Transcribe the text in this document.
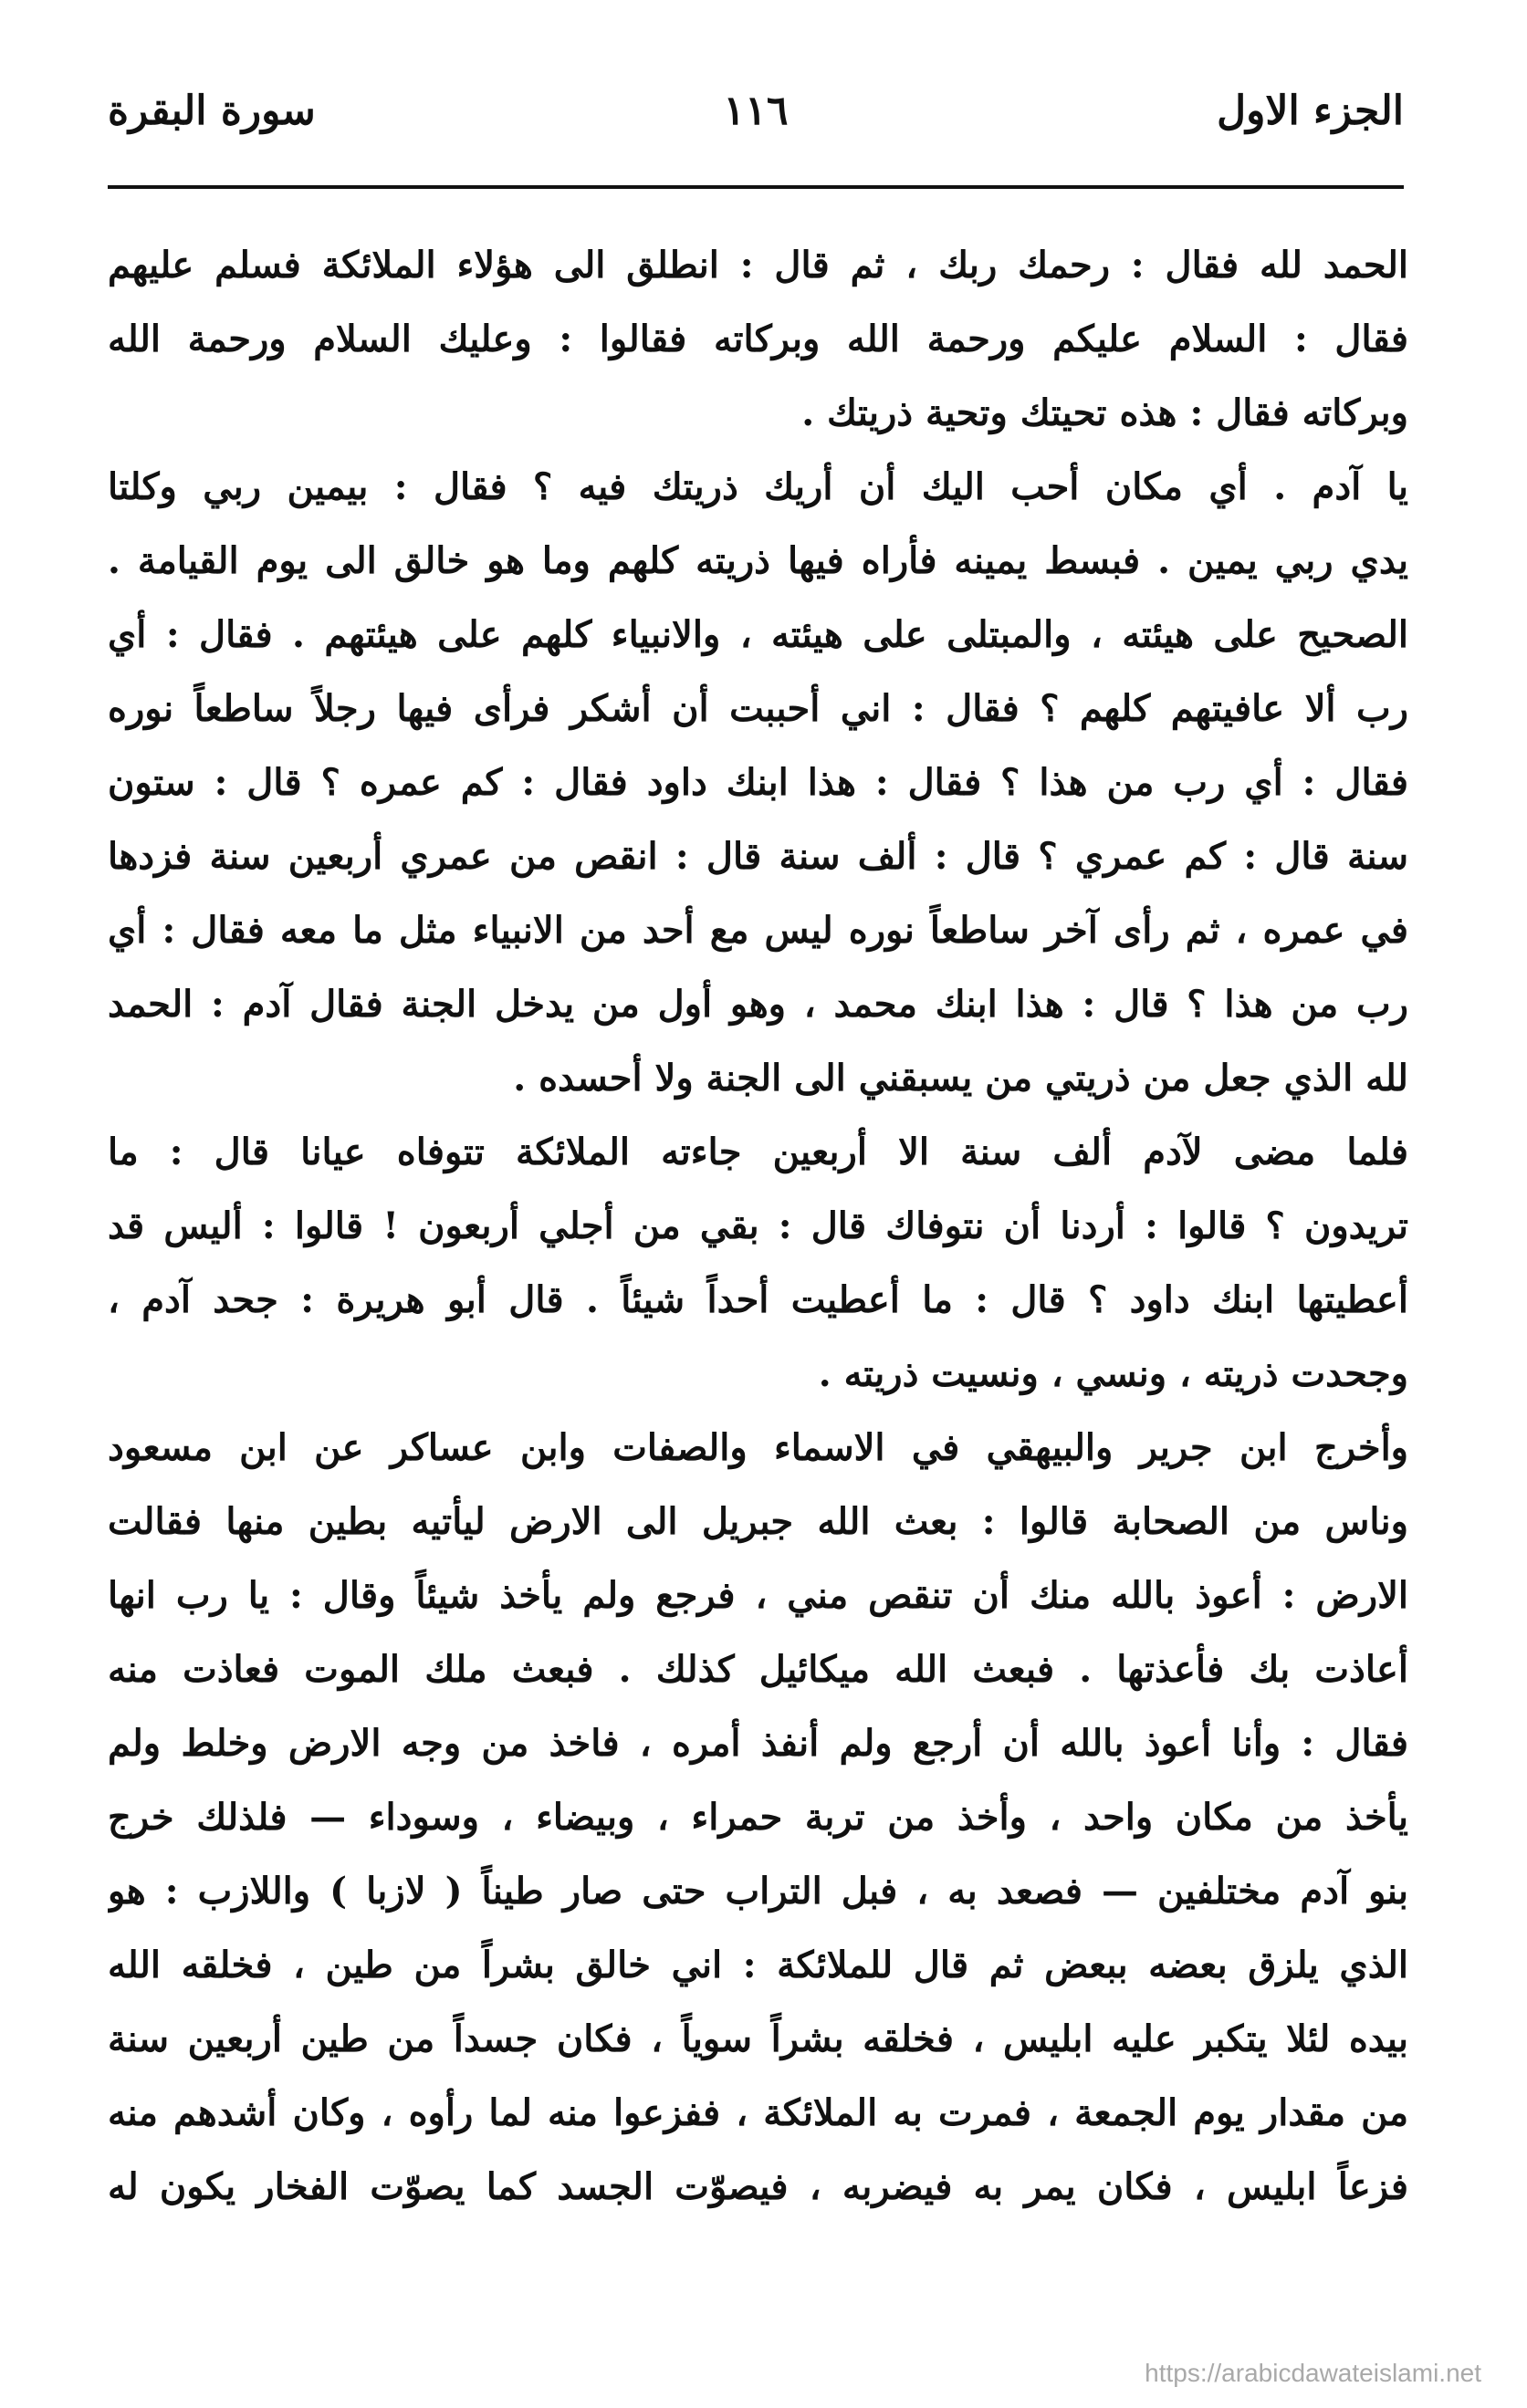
الجزء الاول
١١٦
سورة البقرة
الحمد لله فقال : رحمك ربك ، ثم قال : انطلق الى هؤلاء الملائكة فسلم عليهم
فقال : السلام عليكم ورحمة الله وبركاته فقالوا : وعليك السلام ورحمة الله
وبركاته فقال : هذه تحيتك وتحية ذريتك .
يا آدم . أي مكان أحب اليك أن أريك ذريتك فيه ؟ فقال : بيمين ربي وكلتا
يدي ربي يمين . فبسط يمينه فأراه فيها ذريته كلهم وما هو خالق الى يوم القيامة .
الصحيح على هيئته ، والمبتلى على هيئته ، والانبياء كلهم على هيئتهم . فقال : أي
رب ألا عافيتهم كلهم ؟ فقال : اني أحببت أن أشكر فرأى فيها رجلاً ساطعاً نوره
فقال : أي رب من هذا ؟ فقال : هذا ابنك داود فقال : كم عمره ؟ قال : ستون
سنة قال : كم عمري ؟ قال : ألف سنة قال : انقص من عمري أربعين سنة فزدها
في عمره ، ثم رأى آخر ساطعاً نوره ليس مع أحد من الانبياء مثل ما معه فقال : أي
رب من هذا ؟ قال : هذا ابنك محمد ، وهو أول من يدخل الجنة فقال آدم : الحمد
لله الذي جعل من ذريتي من يسبقني الى الجنة ولا أحسده .
فلما مضى لآدم ألف سنة الا أربعين جاءته الملائكة تتوفاه عيانا قال : ما
تريدون ؟ قالوا : أردنا أن نتوفاك قال : بقي من أجلي أربعون ! قالوا : أليس قد
أعطيتها ابنك داود ؟ قال : ما أعطيت أحداً شيئاً . قال أبو هريرة : جحد آدم ،
وجحدت ذريته ، ونسي ، ونسيت ذريته .
وأخرج ابن جرير والبيهقي في الاسماء والصفات وابن عساكر عن ابن مسعود
وناس من الصحابة قالوا : بعث الله جبريل الى الارض ليأتيه بطين منها فقالت
الارض : أعوذ بالله منك أن تنقص مني ، فرجع ولم يأخذ شيئاً وقال : يا رب انها
أعاذت بك فأعذتها . فبعث الله ميكائيل كذلك . فبعث ملك الموت فعاذت منه
فقال : وأنا أعوذ بالله أن أرجع ولم أنفذ أمره ، فاخذ من وجه الارض وخلط ولم
يأخذ من مكان واحد ، وأخذ من تربة حمراء ، وبيضاء ، وسوداء — فلذلك خرج
بنو آدم مختلفين — فصعد به ، فبل التراب حتى صار طيناً ( لازبا ) واللازب : هو
الذي يلزق بعضه ببعض ثم قال للملائكة : اني خالق بشراً من طين ، فخلقه الله
بيده لئلا يتكبر عليه ابليس ، فخلقه بشراً سوياً ، فكان جسداً من طين أربعين سنة
من مقدار يوم الجمعة ، فمرت به الملائكة ، ففزعوا منه لما رأوه ، وكان أشدهم منه
فزعاً ابليس ، فكان يمر به فيضربه ، فيصوّت الجسد كما يصوّت الفخار يكون له
https://arabicdawateislami.net
